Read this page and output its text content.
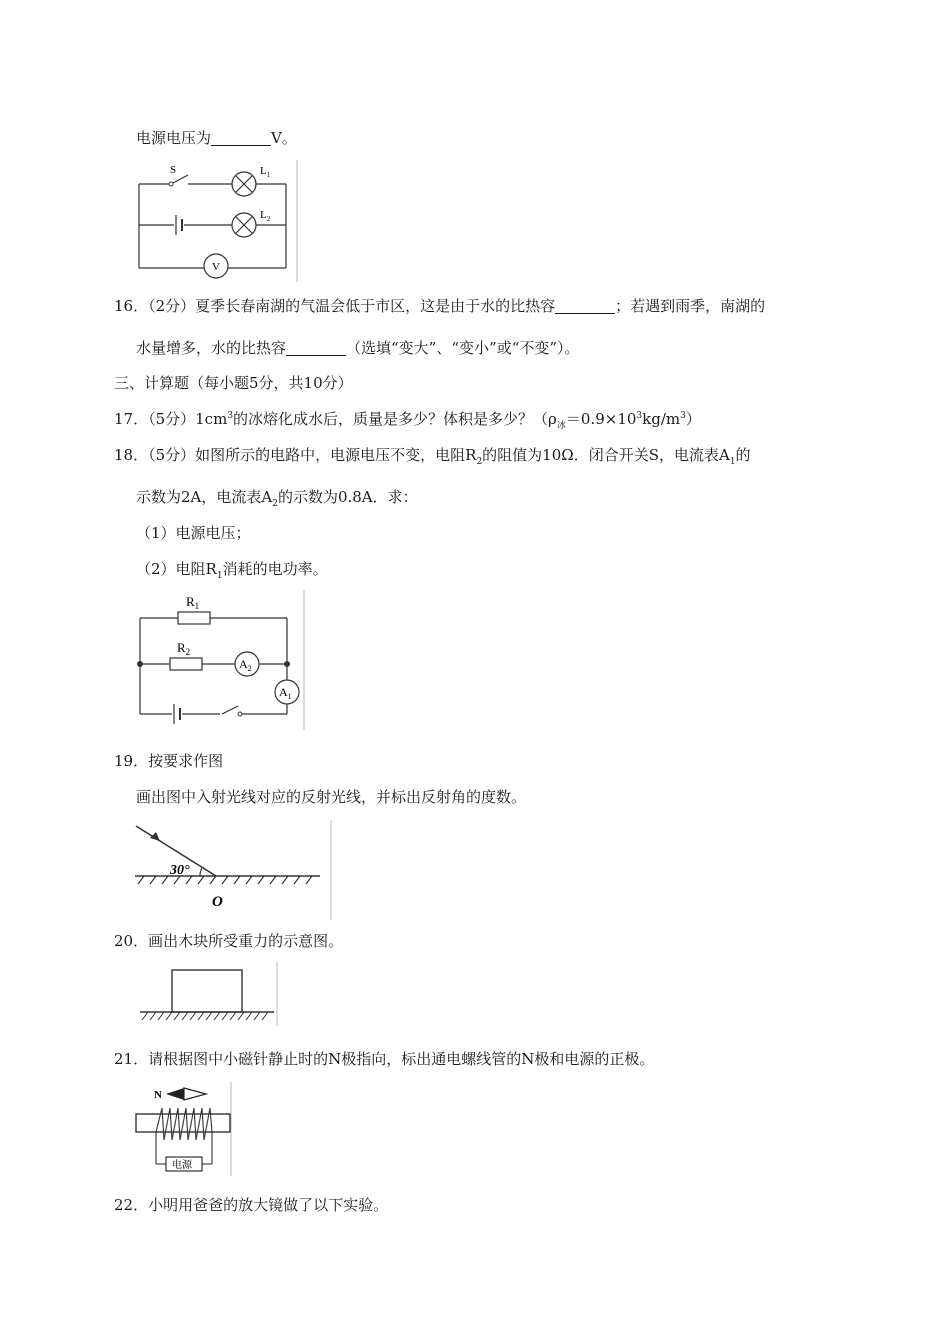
电源电压为	V。
S	$L_1$
$L_2$
V
16．（2分）夏季长春南湖的气温会低于市区，这是由于水的比热容	；若遇到雨季，南湖的
水量增多，水的比热容	（选填“变大”、“变小”或“不变”）。
三、计算题（每小题5分，共10分）
17．（5分）$1cm^3$的冰熔化成水后，质量是多少？体积是多少？$(\rho_冰=0.9\times 10^3kg/m^3)$
18．（5分）如图所示的电路中，电源电压不变，电阻$R_2$的阻值为10Ω．闭合开关S，电流表$A_1$的
示数为2A，电流表$A_2$的示数为0.8A．求：
（1）电源电压；
（2）电阻$R_1$消耗的电功率。
$R_1$
$R_2$
$A_2$
$A_1$
19．按要求作图
画出图中入射光线对应的反射光线，并标出反射角的度数。
30°
O
20．画出木块所受重力的示意图。
21．请根据图中小磁针静止时的N极指向，标出通电螺线管的N极和电源的正极。
N
电源
22．小明用爸爸的放大镜做了以下实验。
